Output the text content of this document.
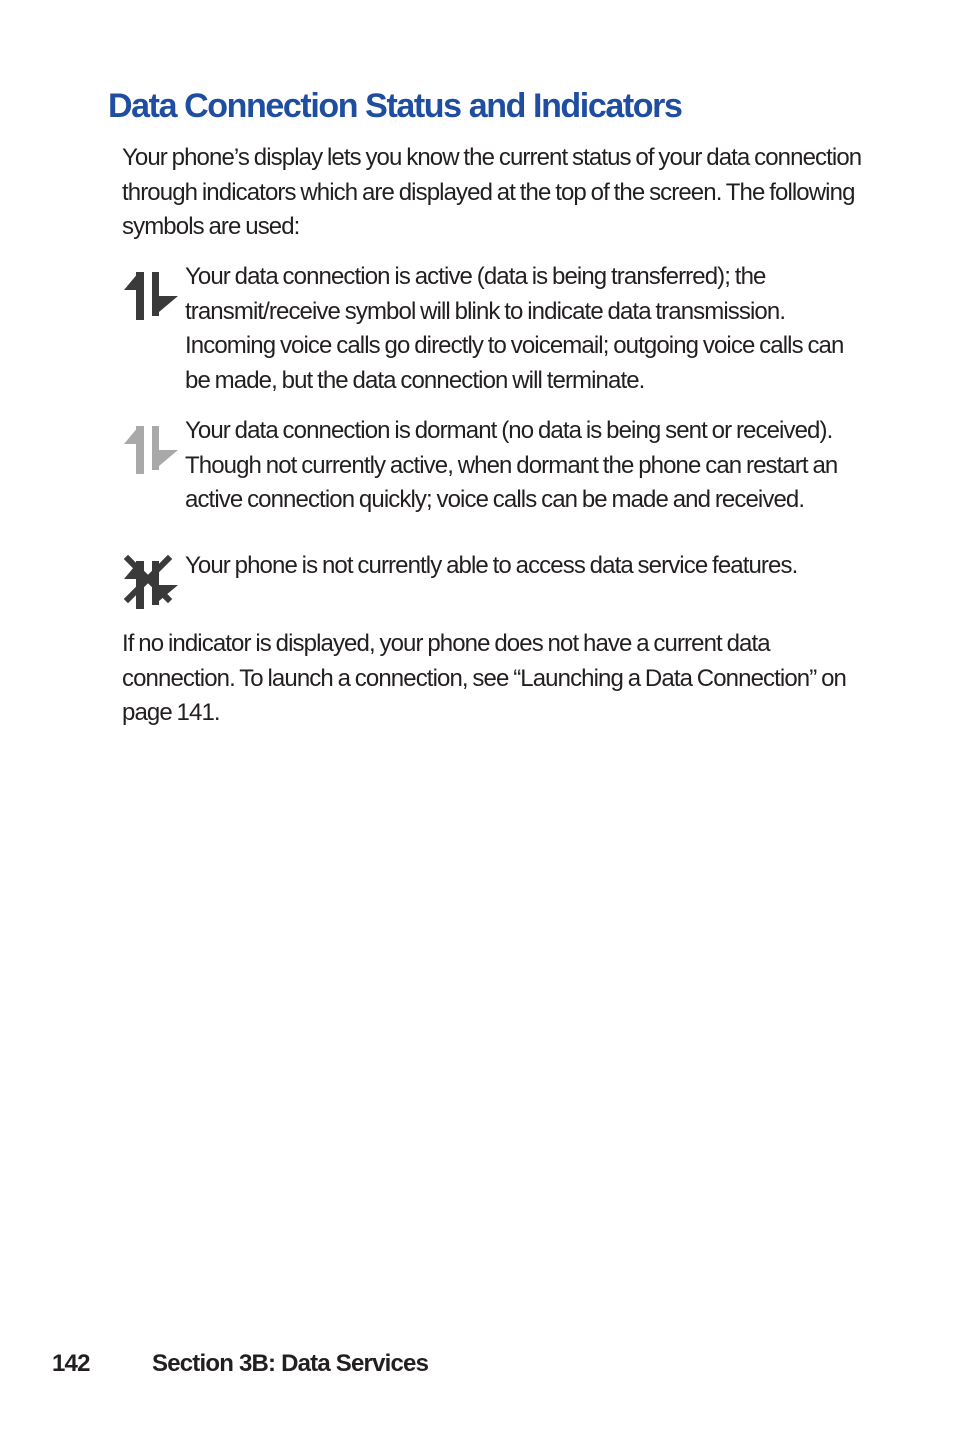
Data Connection Status and Indicators

Your phone’s display lets you know the current status of your data connection through indicators which are displayed at the top of the screen. The following symbols are used:

Your data connection is active (data is being transferred); the transmit/receive symbol will blink to indicate data transmission. Incoming voice calls go directly to voicemail; outgoing voice calls can be made, but the data connection will terminate.

Your data connection is dormant (no data is being sent or received). Though not currently active, when dormant the phone can restart an active connection quickly; voice calls can be made and received.

Your phone is not currently able to access data service features.

If no indicator is displayed, your phone does not have a current data connection. To launch a connection, see “Launching a Data Connection” on page 141.

142	Section 3B: Data Services
